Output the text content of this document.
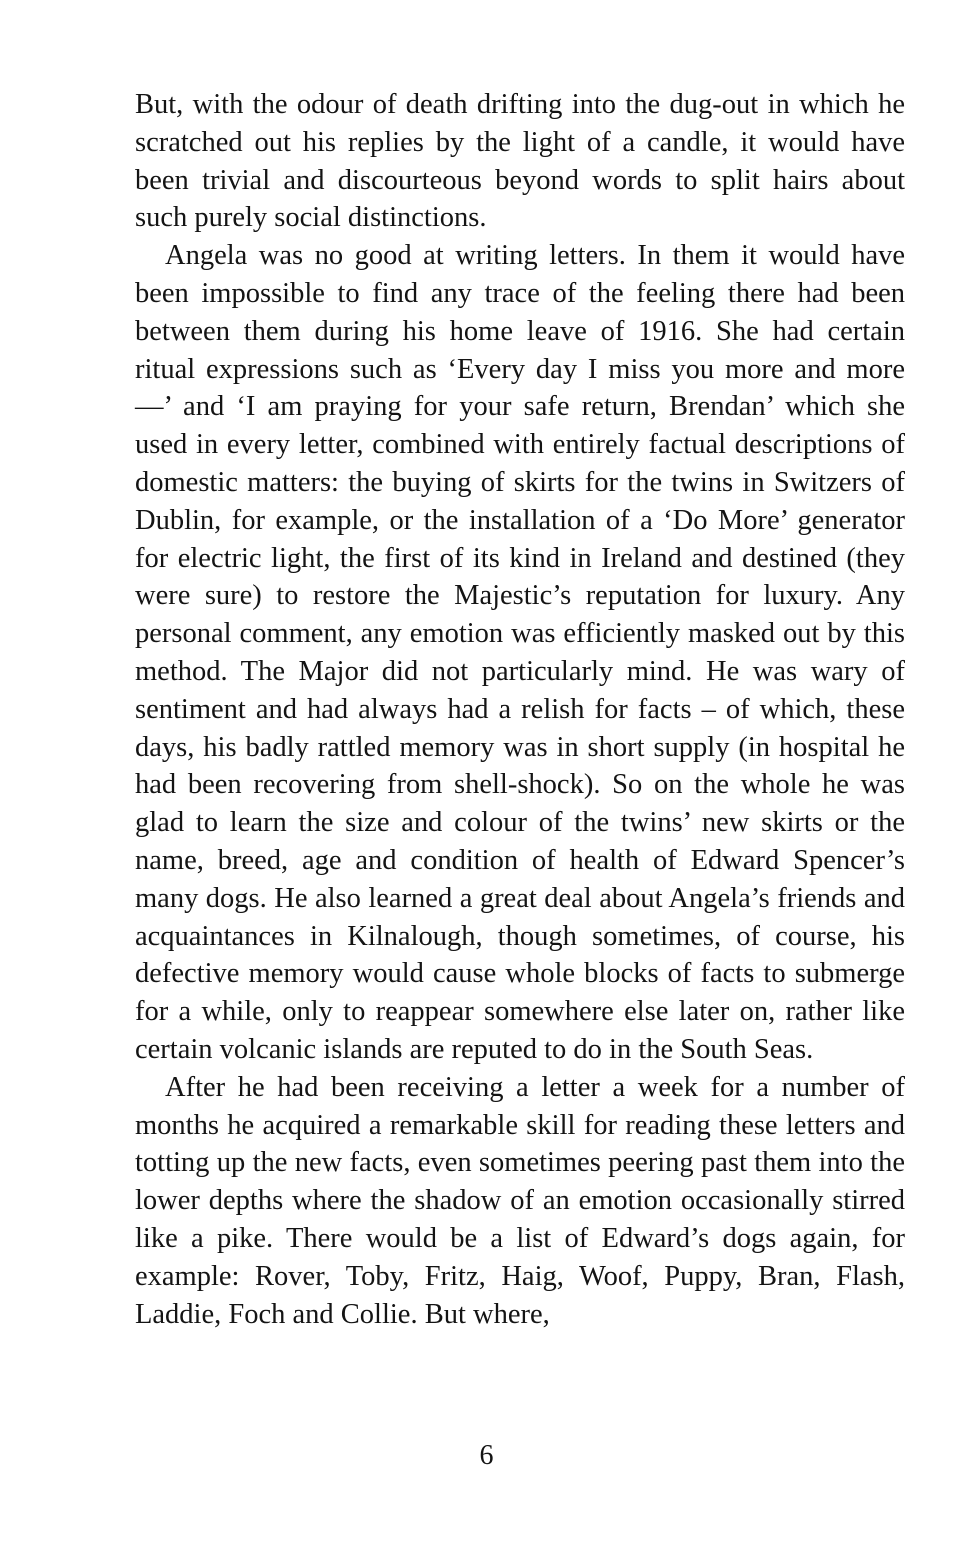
But, with the odour of death drifting into the dug-out in which he scratched out his replies by the light of a candle, it would have been trivial and discourteous beyond words to split hairs about such purely social distinctions.

Angela was no good at writing letters. In them it would have been impossible to find any trace of the feeling there had been between them during his home leave of 1916. She had certain ritual expressions such as ‘Every day I miss you more and more —’ and ‘I am praying for your safe return, Brendan’ which she used in every letter, combined with entirely factual descriptions of domestic matters: the buying of skirts for the twins in Switzers of Dublin, for example, or the installation of a ‘Do More’ generator for electric light, the first of its kind in Ireland and destined (they were sure) to restore the Majestic’s reputation for luxury. Any personal comment, any emotion was efficiently masked out by this method. The Major did not particularly mind. He was wary of sentiment and had always had a relish for facts – of which, these days, his badly rattled memory was in short supply (in hospital he had been recovering from shell-shock). So on the whole he was glad to learn the size and colour of the twins’ new skirts or the name, breed, age and condition of health of Edward Spencer’s many dogs. He also learned a great deal about Angela’s friends and acquaintances in Kilnalough, though sometimes, of course, his defective memory would cause whole blocks of facts to submerge for a while, only to reappear somewhere else later on, rather like certain volcanic islands are reputed to do in the South Seas.

After he had been receiving a letter a week for a number of months he acquired a remarkable skill for reading these letters and totting up the new facts, even sometimes peering past them into the lower depths where the shadow of an emotion occasionally stirred like a pike. There would be a list of Edward’s dogs again, for example: Rover, Toby, Fritz, Haig, Woof, Puppy, Bran, Flash, Laddie, Foch and Collie. But where,

6
